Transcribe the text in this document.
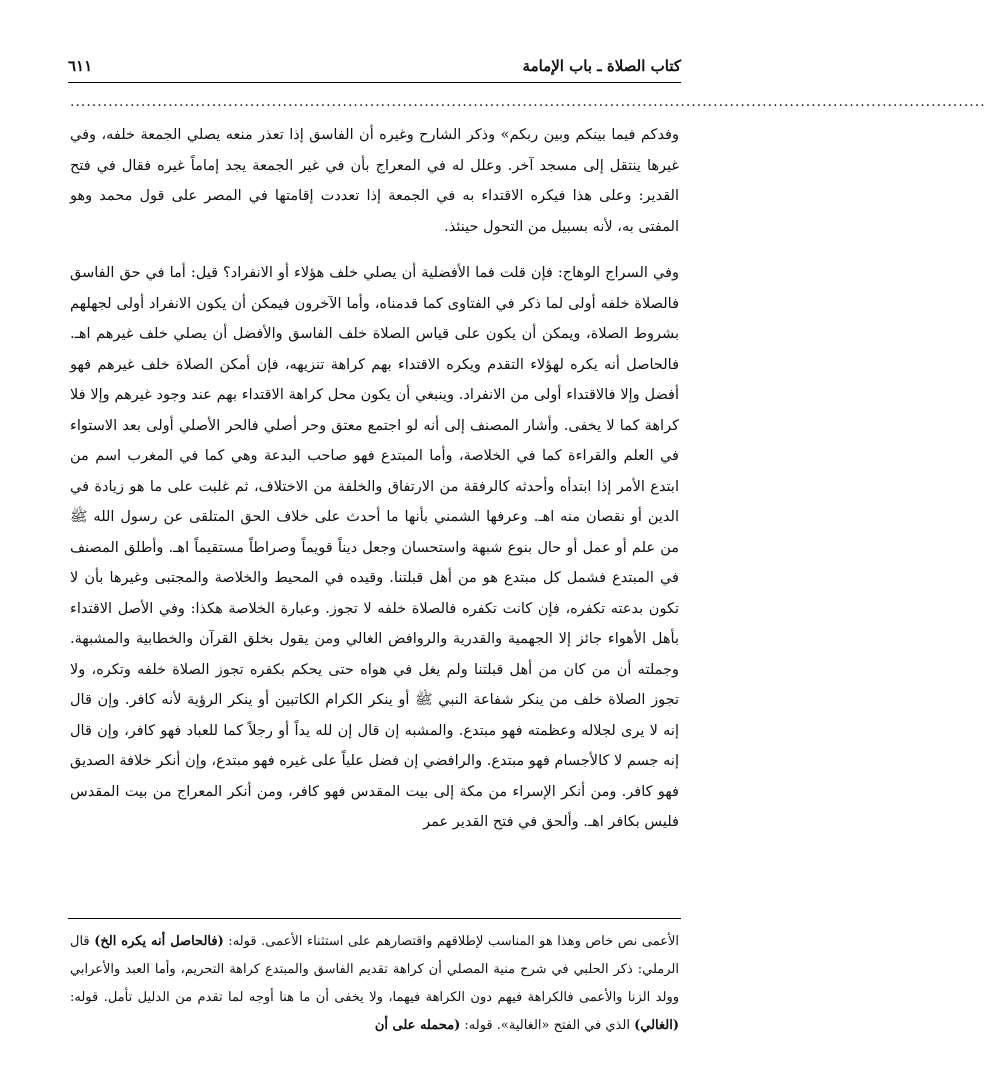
كتاب الصلاة ـ باب الإمامة
٦١١
........................................................................................................................................................................

وفدكم فيما بينكم وبين ربكم» وذكر الشارح وغيره أن الفاسق إذا تعذر منعه يصلي الجمعة خلفه، وفي غيرها ينتقل إلى مسجد آخر. وعلل له في المعراج بأن في غير الجمعة يجد إماماً غيره فقال في فتح القدير: وعلى هذا فيكره الاقتداء به في الجمعة إذا تعددت إقامتها في المصر على قول محمد وهو المفتى به، لأنه بسبيل من التحول حينئذ.

وفي السراج الوهاج: فإن قلت فما الأفضلية أن يصلي خلف هؤلاء أو الانفراد؟ قيل: أما في حق الفاسق فالصلاة خلفه أولى لما ذكر في الفتاوى كما قدمناه، وأما الآخرون فيمكن أن يكون الانفراد أولى لجهلهم بشروط الصلاة، ويمكن أن يكون على قياس الصلاة خلف الفاسق والأفضل أن يصلي خلف غيرهم اهـ. فالحاصل أنه يكره لهؤلاء التقدم ويكره الاقتداء بهم كراهة تنزيهه، فإن أمكن الصلاة خلف غيرهم فهو أفضل وإلا فالاقتداء أولى من الانفراد. وينبغي أن يكون محل كراهة الاقتداء بهم عند وجود غيرهم وإلا فلا كراهة كما لا يخفى. وأشار المصنف إلى أنه لو اجتمع معتق وحر أصلي فالحر الأصلي أولى بعد الاستواء في العلم والقراءة كما في الخلاصة، وأما المبتدع فهو صاحب البدعة وهي كما في المغرب اسم من ابتدع الأمر إذا ابتدأه وأحدثه كالرفقة من الارتفاق والخلفة من الاختلاف، ثم غلبت على ما هو زيادة في الدين أو نقصان منه اهـ. وعرفها الشمني بأنها ما أحدث على خلاف الحق المتلقى عن رسول الله ﷺ من علم أو عمل أو حال بنوع شبهة واستحسان وجعل ديناً قويماً وصراطاً مستقيماً اهـ. وأطلق المصنف في المبتدع فشمل كل مبتدع هو من أهل قبلتنا. وقيده في المحيط والخلاصة والمجتبى وغيرها بأن لا تكون بدعته تكفره، فإن كانت تكفره فالصلاة خلفه لا تجوز. وعبارة الخلاصة هكذا: وفي الأصل الاقتداء بأهل الأهواء جائز إلا الجهمية والقدرية والروافض الغالي ومن يقول بخلق القرآن والخطابية والمشبهة. وجملته أن من كان من أهل قبلتنا ولم يغل في هواه حتى يحكم بكفره تجوز الصلاة خلفه وتكره، ولا تجوز الصلاة خلف من ينكر شفاعة النبي ﷺ أو ينكر الكرام الكاتبين أو ينكر الرؤية لأنه كافر. وإن قال إنه لا يرى لجلاله وعظمته فهو مبتدع. والمشبه إن قال إن لله يداً أو رجلاً كما للعباد فهو كافر، وإن قال إنه جسم لا كالأجسام فهو مبتدع. والرافضي إن فضل علياً على غيره فهو مبتدع، وإن أنكر خلافة الصديق فهو كافر. ومن أنكر الإسراء من مكة إلى بيت المقدس فهو كافر، ومن أنكر المعراج من بيت المقدس فليس بكافر اهـ. وألحق في فتح القدير عمر

الأعمى نص خاص وهذا هو المناسب لإطلاقهم واقتصارهم على استثناء الأعمى. قوله: (فالحاصل أنه يكره الخ) قال الرملي: ذكر الحلبي في شرح منية المصلي أن كراهة تقديم الفاسق والمبتدع كراهة التحريم، وأما العبد والأعرابي وولد الزنا والأعمى فالكراهة فيهم دون الكراهة فيهما، ولا يخفى أن ما هنا أوجه لما تقدم من الدليل تأمل. قوله: (الغالي) الذي في الفتح «الغالية». قوله: (محمله على أن
